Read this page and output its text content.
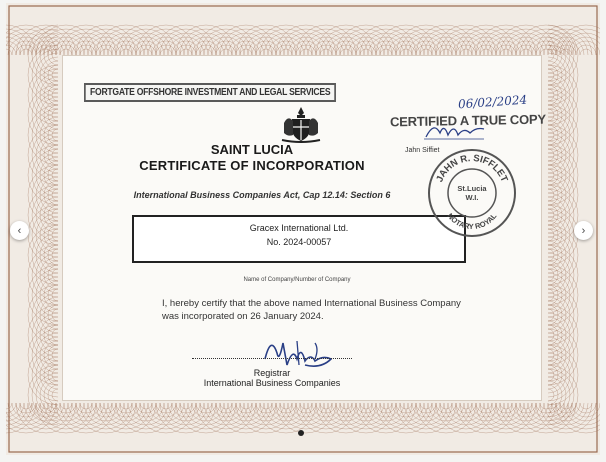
FORTGATE OFFSHORE INVESTMENT AND LEGAL SERVICES
SAINT LUCIA
CERTIFICATE OF INCORPORATION
International Business Companies Act, Cap 12.14: Section 6
Gracex International Ltd.
No. 2024-00057
Name of Company/Number of Company
I, hereby certify that the above named International Business Company
was incorporated on 26 January 2024.
Registrar
International Business Companies
06/02/2024
CERTIFIED A TRUE COPY
Jahn Siffiet
JAHN R. SIFFLET
NOTARY ROYAL
St.Lucia
W.I.
‹	›
